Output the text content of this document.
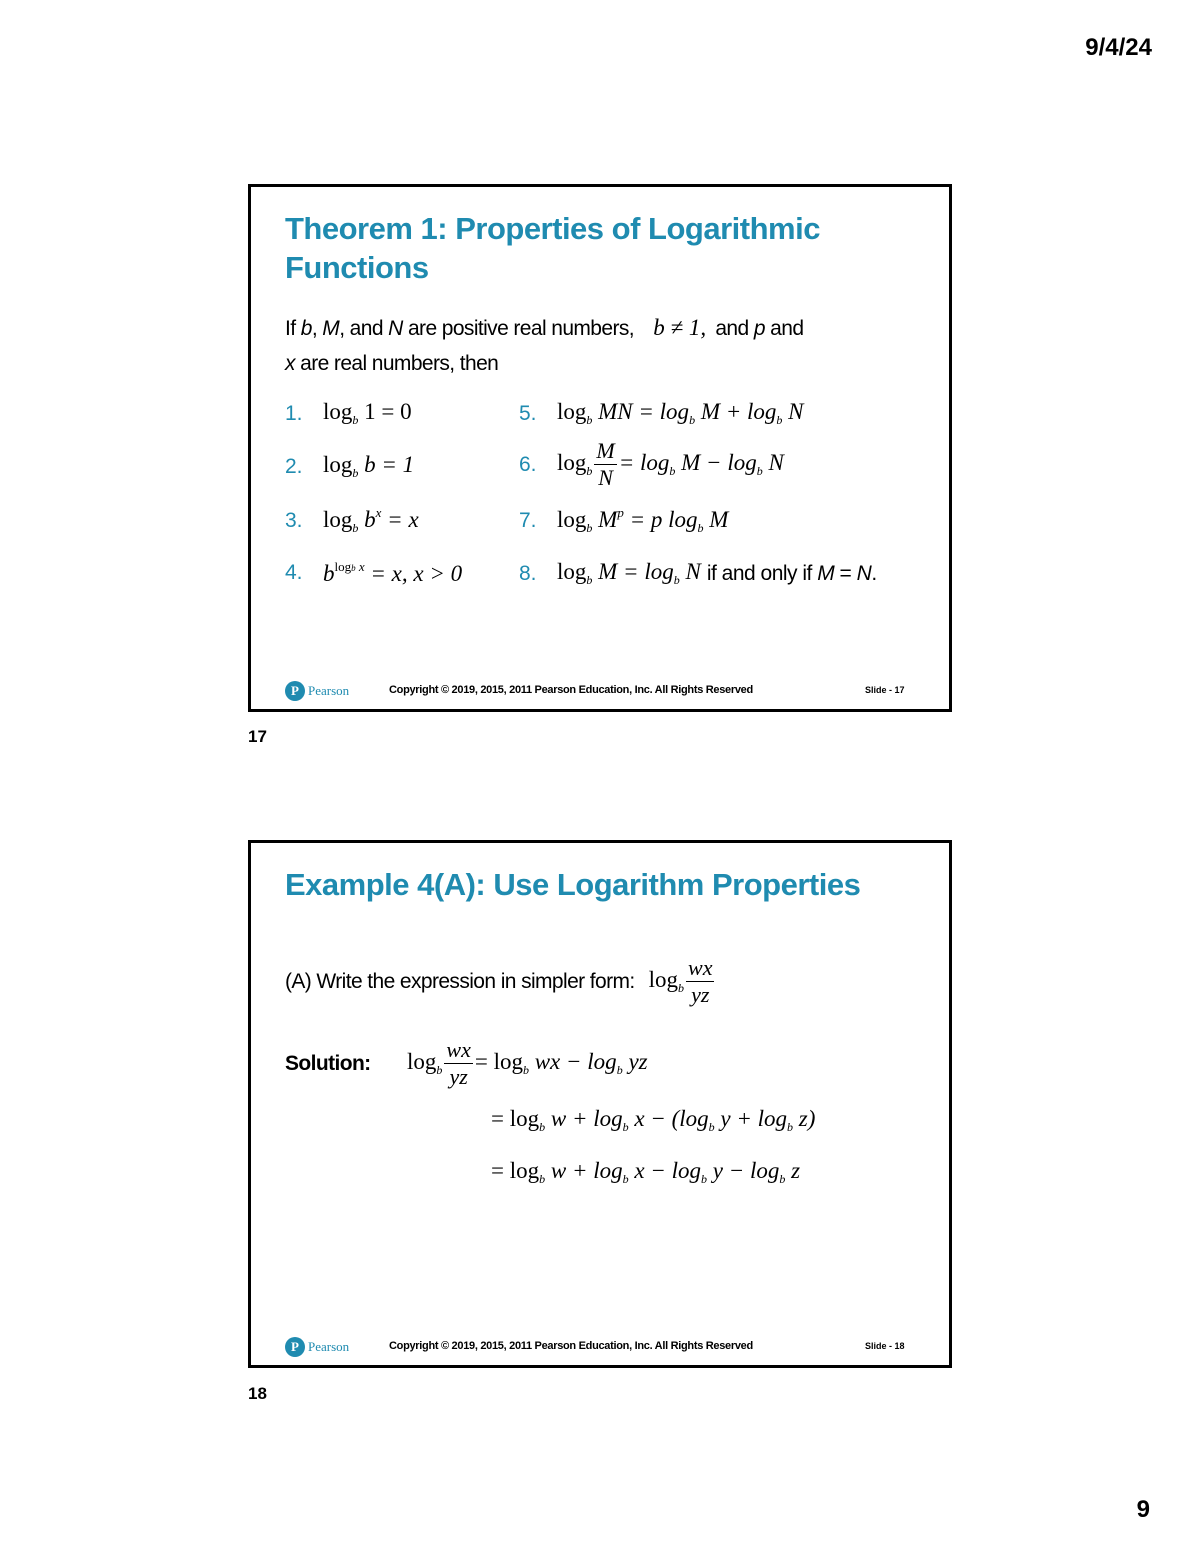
9/4/24
Theorem 1: Properties of Logarithmic Functions
If b, M, and N are positive real numbers, b ≠ 1, and p and
x are real numbers, then
1. $\log_b 1 = 0$
2. $\log_b b = 1$
3. $\log_b b^x = x$
4. $b^{logb x} = x$, x > 0
5. $\log_b$ MN = $\log_b M + \log_b N$
6. $\log_b \frac{M}{N} = \log_b M - \log_b N$
7. $\log_b M^p = p$ $\log_b M$
8. $\log_b M = \log_b N$ if and only if M = N.
P Pearson	Copyright © 2019, 2015, 2011 Pearson Education, Inc. All Rights Reserved	Slide - 17
17
Example 4(A): Use Logarithm Properties
(A) Write the expression in simpler form: $\log_b \frac{wx}{yz}$
Solution:	$\log_b \frac{wx}{yz} = \log_b$ wx − $\log_b$ yz
= $\log_b w + \log_b x - (\log_b$ $y + \log_b z$)
= $\log_b w + \log_b x - \log_b y - \log_b z$
P Pearson	Copyright © 2019, 2015, 2011 Pearson Education, Inc. All Rights Reserved	Slide - 18
18
9
